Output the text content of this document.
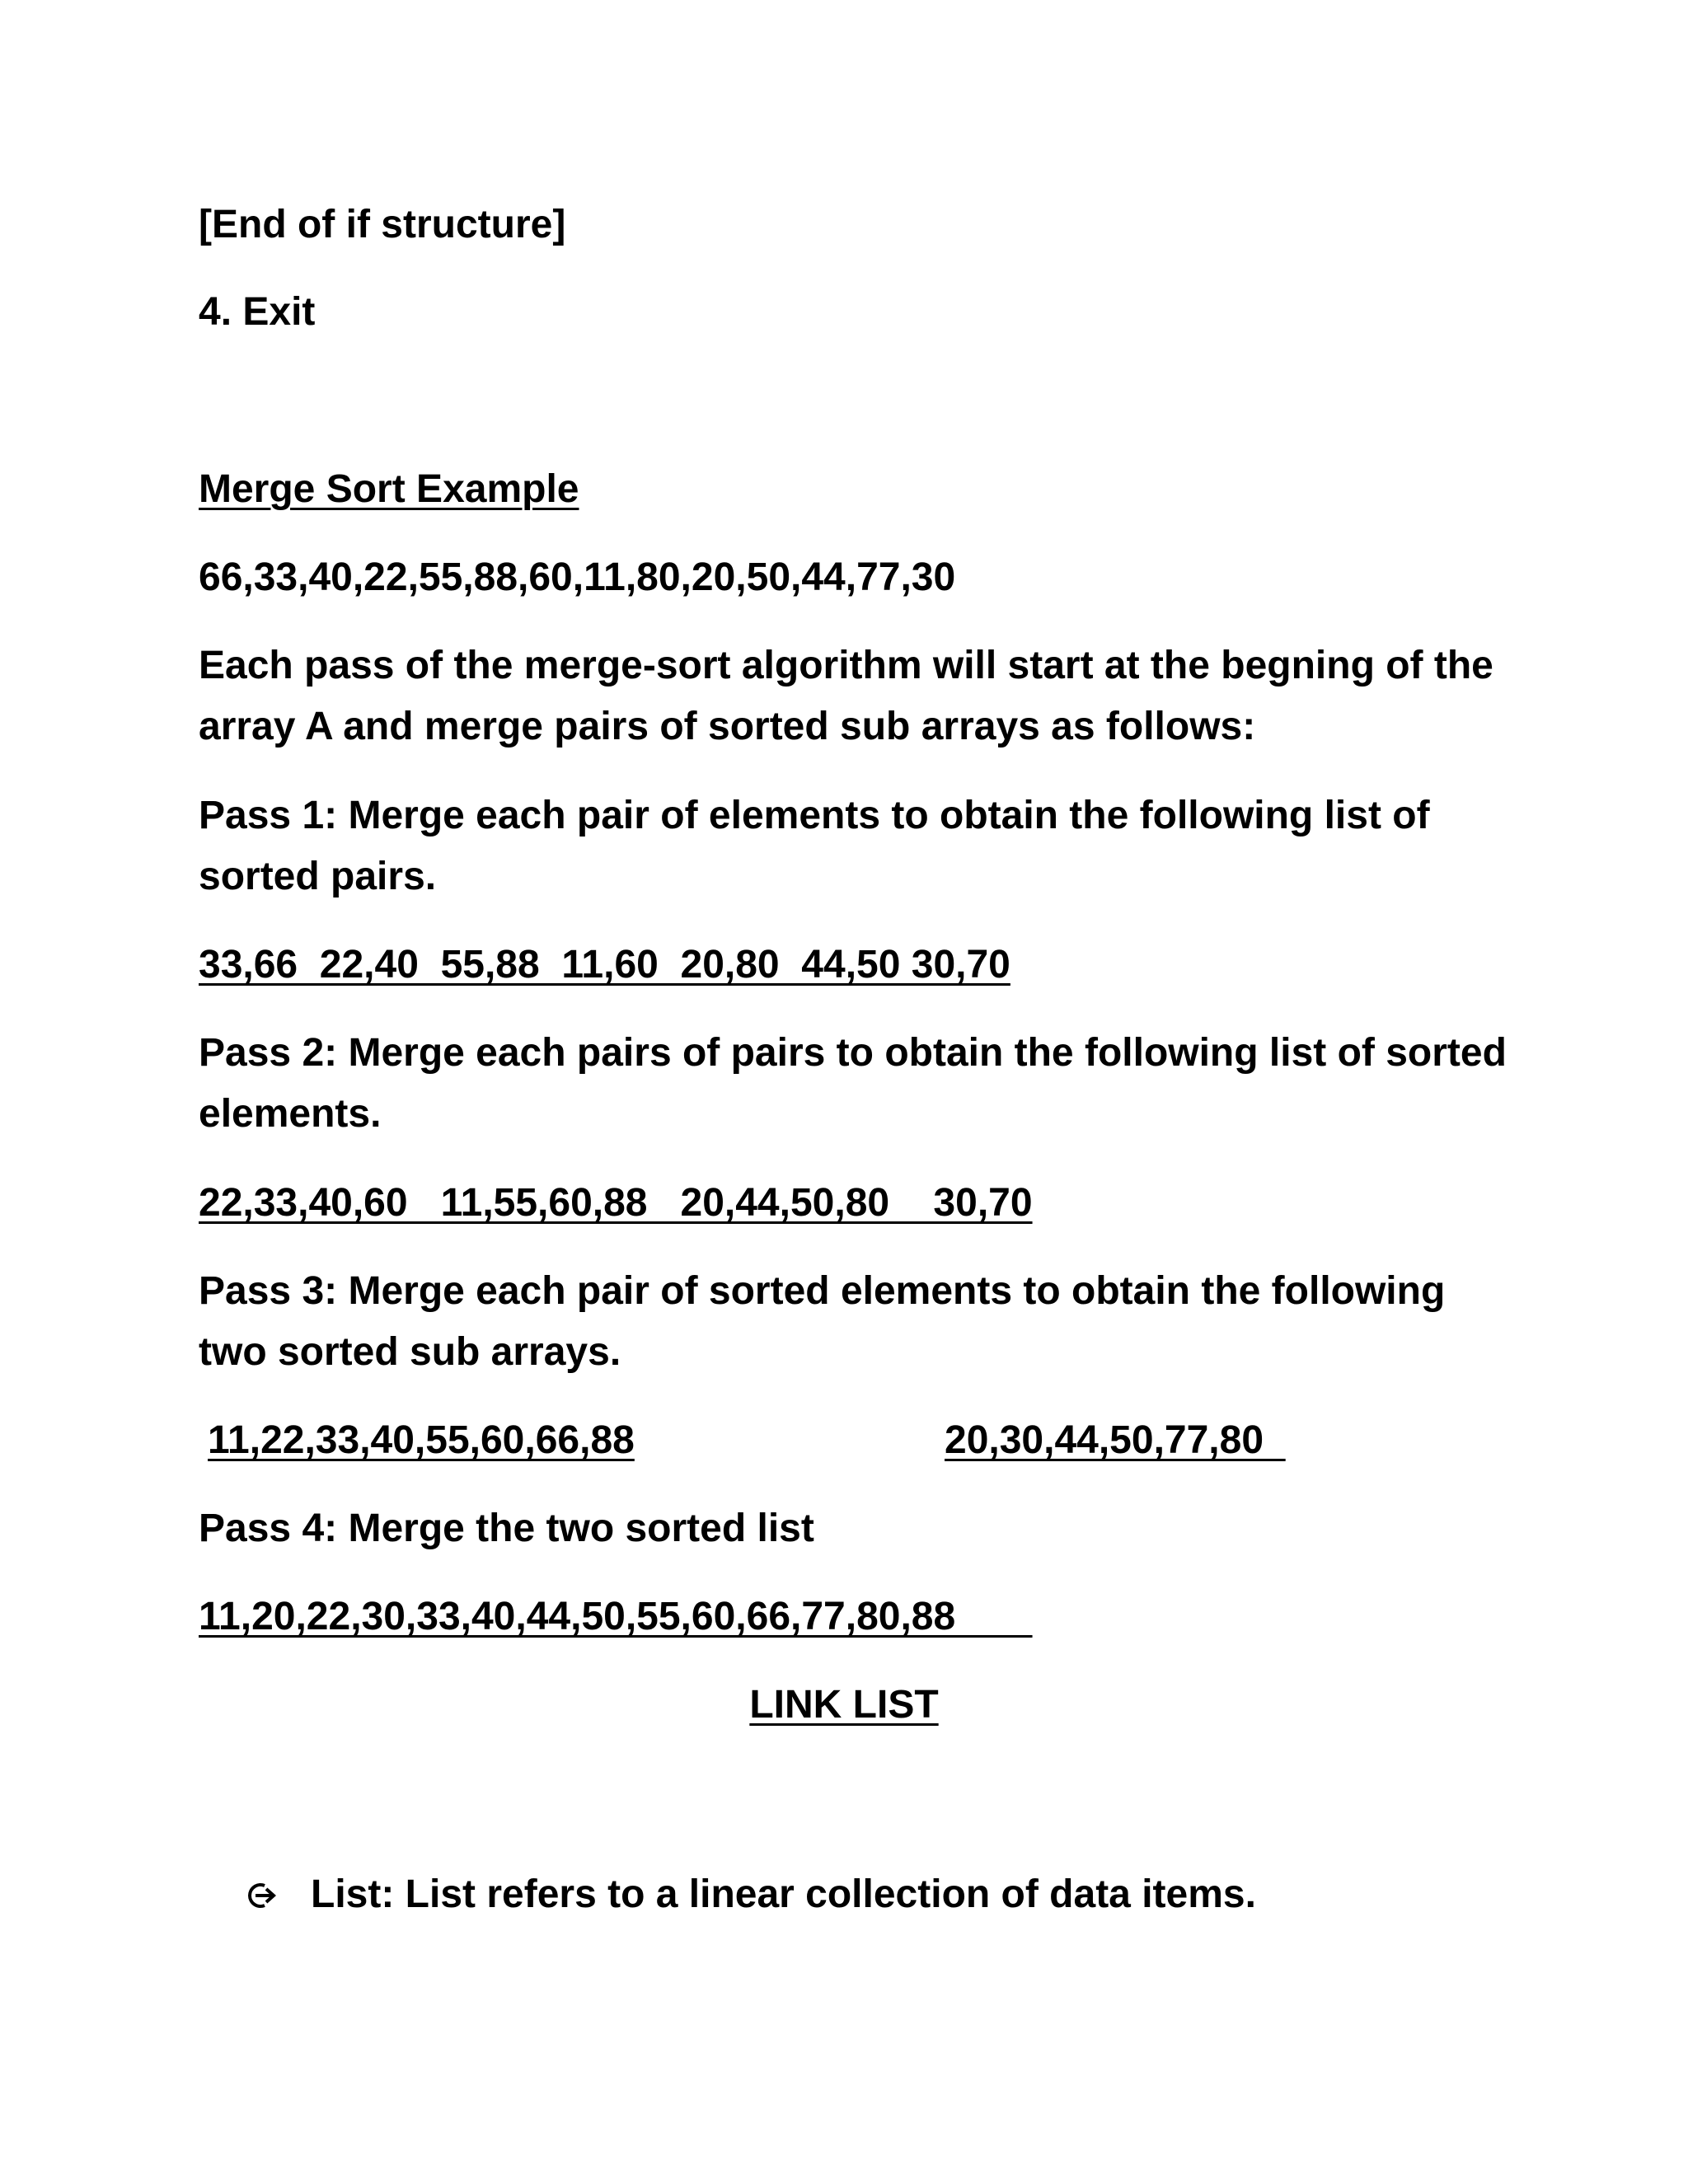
[End of if structure]

4. Exit

Merge Sort Example

66,33,40,22,55,88,60,11,80,20,50,44,77,30

Each pass of the merge-sort algorithm will start at the begning of the

array A and merge pairs of sorted sub arrays as follows:

Pass 1: Merge each pair of elements to obtain the following list of

sorted pairs.

33,66  22,40  55,88  11,60  20,80  44,50 30,70

Pass 2: Merge each pairs of pairs to obtain the following list of sorted

elements.

22,33,40,60   11,55,60,88   20,44,50,80    30,70

Pass 3: Merge each pair of sorted elements to obtain the following

two sorted sub arrays.

11,22,33,40,55,60,66,88	20,30,44,50,77,80

Pass 4: Merge the two sorted list

11,20,22,30,33,40,44,50,55,60,66,77,80,88

LINK LIST

List: List refers to a linear collection of data items.
